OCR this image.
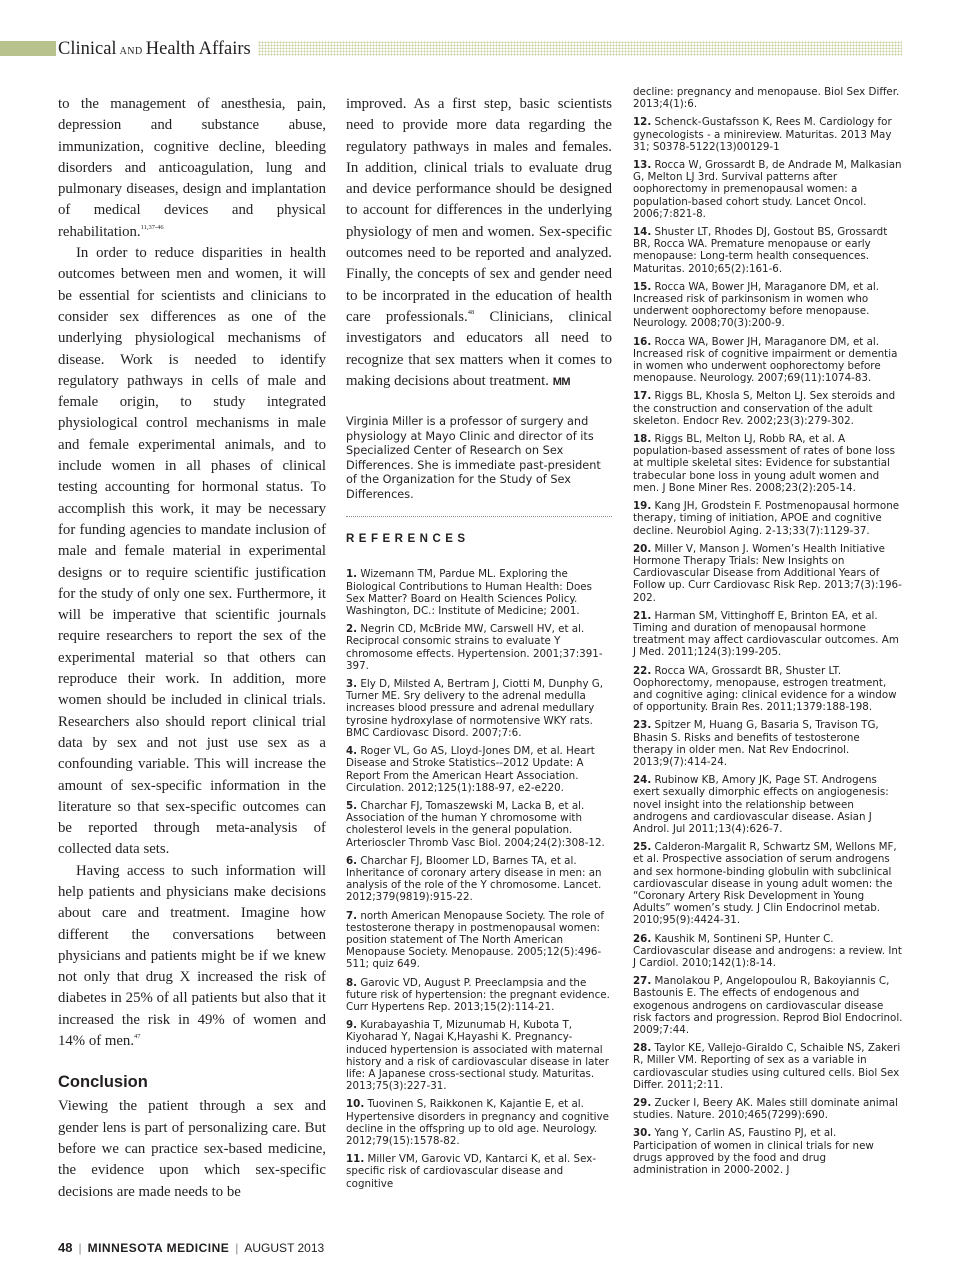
Clinical AND Health Affairs

to the management of anesthesia, pain, depression and substance abuse, immunization, cognitive decline, bleeding disorders and anticoagulation, lung and pulmonary diseases, design and implantation of medical devices and physical rehabilitation.$^{11,37-46}$

In order to reduce disparities in health outcomes between men and women, it will be essential for scientists and clinicians to consider sex differences as one of the underlying physiological mechanisms of disease. Work is needed to identify regulatory pathways in cells of male and female origin, to study integrated physiological control mechanisms in male and female experimental animals, and to include women in all phases of clinical testing accounting for hormonal status. To accomplish this work, it may be necessary for funding agencies to mandate inclusion of male and female material in experimental designs or to require scientific justification for the study of only one sex. Furthermore, it will be imperative that scientific journals require researchers to report the sex of the experimental material so that others can reproduce their work. In addition, more women should be included in clinical trials. Researchers also should report clinical trial data by sex and not just use sex as a confounding variable. This will increase the amount of sex-specific information in the literature so that sex-specific outcomes can be reported through meta-analysis of collected data sets.

Having access to such information will help patients and physicians make decisions about care and treatment. Imagine how different the conversations between physicians and patients might be if we knew not only that drug X increased the risk of diabetes in 25% of all patients but also that it increased the risk in 49% of women and 14% of men.$^{47}$

Conclusion

Viewing the patient through a sex and gender lens is part of personalizing care. But before we can practice sex-based medicine, the evidence upon which sex-specific decisions are made needs to be

improved. As a first step, basic scientists need to provide more data regarding the regulatory pathways in males and females. In addition, clinical trials to evaluate drug and device performance should be designed to account for differences in the underlying physiology of men and women. Sex-specific outcomes need to be reported and analyzed. Finally, the concepts of sex and gender need to be incorprated in the education of health care professionals.$^{48}$ Clinicians, clinical investigators and educators all need to recognize that sex matters when it comes to making decisions about treatment. MM

Virginia Miller is a professor of surgery and physiology at Mayo Clinic and director of its Specialized Center of Research on Sex Differences. She is immediate past-president of the Organization for the Study of Sex Differences.

REFERENCES
1. Wizemann TM, Pardue ML. Exploring the Biological Contributions to Human Health: Does Sex Matter? Board on Health Sciences Policy. Washington, DC.: Institute of Medicine; 2001.
2. Negrin CD, McBride MW, Carswell HV, et al. Reciprocal consomic strains to evaluate Y chromosome effects. Hypertension. 2001;37:391-397.
3. Ely D, Milsted A, Bertram J, Ciotti M, Dunphy G, Turner ME. Sry delivery to the adrenal medulla increases blood pressure and adrenal medullary tyrosine hydroxylase of normotensive WKY rats. BMC Cardiovasc Disord. 2007;7:6.
4. Roger VL, Go AS, Lloyd-Jones DM, et al. Heart Disease and Stroke Statistics--2012 Update: A Report From the American Heart Association. Circulation. 2012;125(1):188-97, e2-e220.
5. Charchar FJ, Tomaszewski M, Lacka B, et al. Association of the human Y chromosome with cholesterol levels in the general population. Arterioscler Thromb Vasc Biol. 2004;24(2):308-12.
6. Charchar FJ, Bloomer LD, Barnes TA, et al. Inheritance of coronary artery disease in men: an analysis of the role of the Y chromosome. Lancet. 2012;379(9819):915-22.
7. north American Menopause Society. The role of testosterone therapy in postmenopausal women: position statement of The North American Menopause Society. Menopause. 2005;12(5):496-511; quiz 649.
8. Garovic VD, August P. Preeclampsia and the future risk of hypertension: the pregnant evidence. Curr Hypertens Rep. 2013;15(2):114-21.
9. Kurabayashia T, Mizunumab H, Kubota T, Kiyoharad Y, Nagai K,Hayashi K. Pregnancy-induced hypertension is associated with maternal history and a risk of cardiovascular disease in later life: A Japanese cross-sectional study. Maturitas. 2013;75(3):227-31.
10. Tuovinen S, Raikkonen K, Kajantie E, et al. Hypertensive disorders in pregnancy and cognitive decline in the offspring up to old age. Neurology. 2012;79(15):1578-82.
11. Miller VM, Garovic VD, Kantarci K, et al. Sex-specific risk of cardiovascular disease and cognitive
decline: pregnancy and menopause. Biol Sex Differ. 2013;4(1):6.
12. Schenck-Gustafsson K, Rees M. Cardiology for gynecologists - a minireview. Maturitas. 2013 May 31; S0378-5122(13)00129-1
13. Rocca W, Grossardt B, de Andrade M, Malkasian G, Melton LJ 3rd. Survival patterns after oophorectomy in premenopausal women: a population-based cohort study. Lancet Oncol. 2006;7:821-8.
14. Shuster LT, Rhodes DJ, Gostout BS, Grossardt BR, Rocca WA. Premature menopause or early menopause: Long-term health consequences. Maturitas. 2010;65(2):161-6.
15. Rocca WA, Bower JH, Maraganore DM, et al. Increased risk of parkinsonism in women who underwent oophorectomy before menopause. Neurology. 2008;70(3):200-9.
16. Rocca WA, Bower JH, Maraganore DM, et al. Increased risk of cognitive impairment or dementia in women who underwent oophorectomy before menopause. Neurology. 2007;69(11):1074-83.
17. Riggs BL, Khosla S, Melton LJ. Sex steroids and the construction and conservation of the adult skeleton. Endocr Rev. 2002;23(3):279-302.
18. Riggs BL, Melton LJ, Robb RA, et al. A population-based assessment of rates of bone loss at multiple skeletal sites: Evidence for substantial trabecular bone loss in young adult women and men. J Bone Miner Res. 2008;23(2):205-14.
19. Kang JH, Grodstein F. Postmenopausal hormone therapy, timing of initiation, APOE and cognitive decline. Neurobiol Aging. 2-13;33(7):1129-37.
20. Miller V, Manson J. Women’s Health Initiative Hormone Therapy Trials: New Insights on Cardiovascular Disease from Additional Years of Follow up. Curr Cardiovasc Risk Rep. 2013;7(3):196-202.
21. Harman SM, Vittinghoff E, Brinton EA, et al. Timing and duration of menopausal hormone treatment may affect cardiovascular outcomes. Am J Med. 2011;124(3):199-205.
22. Rocca WA, Grossardt BR, Shuster LT. Oophorectomy, menopause, estrogen treatment, and cognitive aging: clinical evidence for a window of opportunity. Brain Res. 2011;1379:188-198.
23. Spitzer M, Huang G, Basaria S, Travison TG, Bhasin S. Risks and benefits of testosterone therapy in older men. Nat Rev Endocrinol. 2013;9(7):414-24.
24. Rubinow KB, Amory JK, Page ST. Androgens exert sexually dimorphic effects on angiogenesis: novel insight into the relationship between androgens and cardiovascular disease. Asian J Androl. Jul 2011;13(4):626-7.
25. Calderon-Margalit R, Schwartz SM, Wellons MF, et al. Prospective association of serum androgens and sex hormone-binding globulin with subclinical cardiovascular disease in young adult women: the “Coronary Artery Risk Development in Young Adults” women’s study. J Clin Endocrinol metab. 2010;95(9):4424-31.
26. Kaushik M, Sontineni SP, Hunter C. Cardiovascular disease and androgens: a review. Int J Cardiol. 2010;142(1):8-14.
27. Manolakou P, Angelopoulou R, Bakoyiannis C, Bastounis E. The effects of endogenous and exogenous androgens on cardiovascular disease risk factors and progression. Reprod Biol Endocrinol. 2009;7:44.
28. Taylor KE, Vallejo-Giraldo C, Schaible NS, Zakeri R, Miller VM. Reporting of sex as a variable in cardiovascular studies using cultured cells. Biol Sex Differ. 2011;2:11.
29. Zucker I, Beery AK. Males still dominate animal studies. Nature. 2010;465(7299):690.
30. Yang Y, Carlin AS, Faustino PJ, et al. Participation of women in clinical trials for new drugs approved by the food and drug administration in 2000-2002. J
48 | MINNESOTA MEDICINE | AUGUST 2013
